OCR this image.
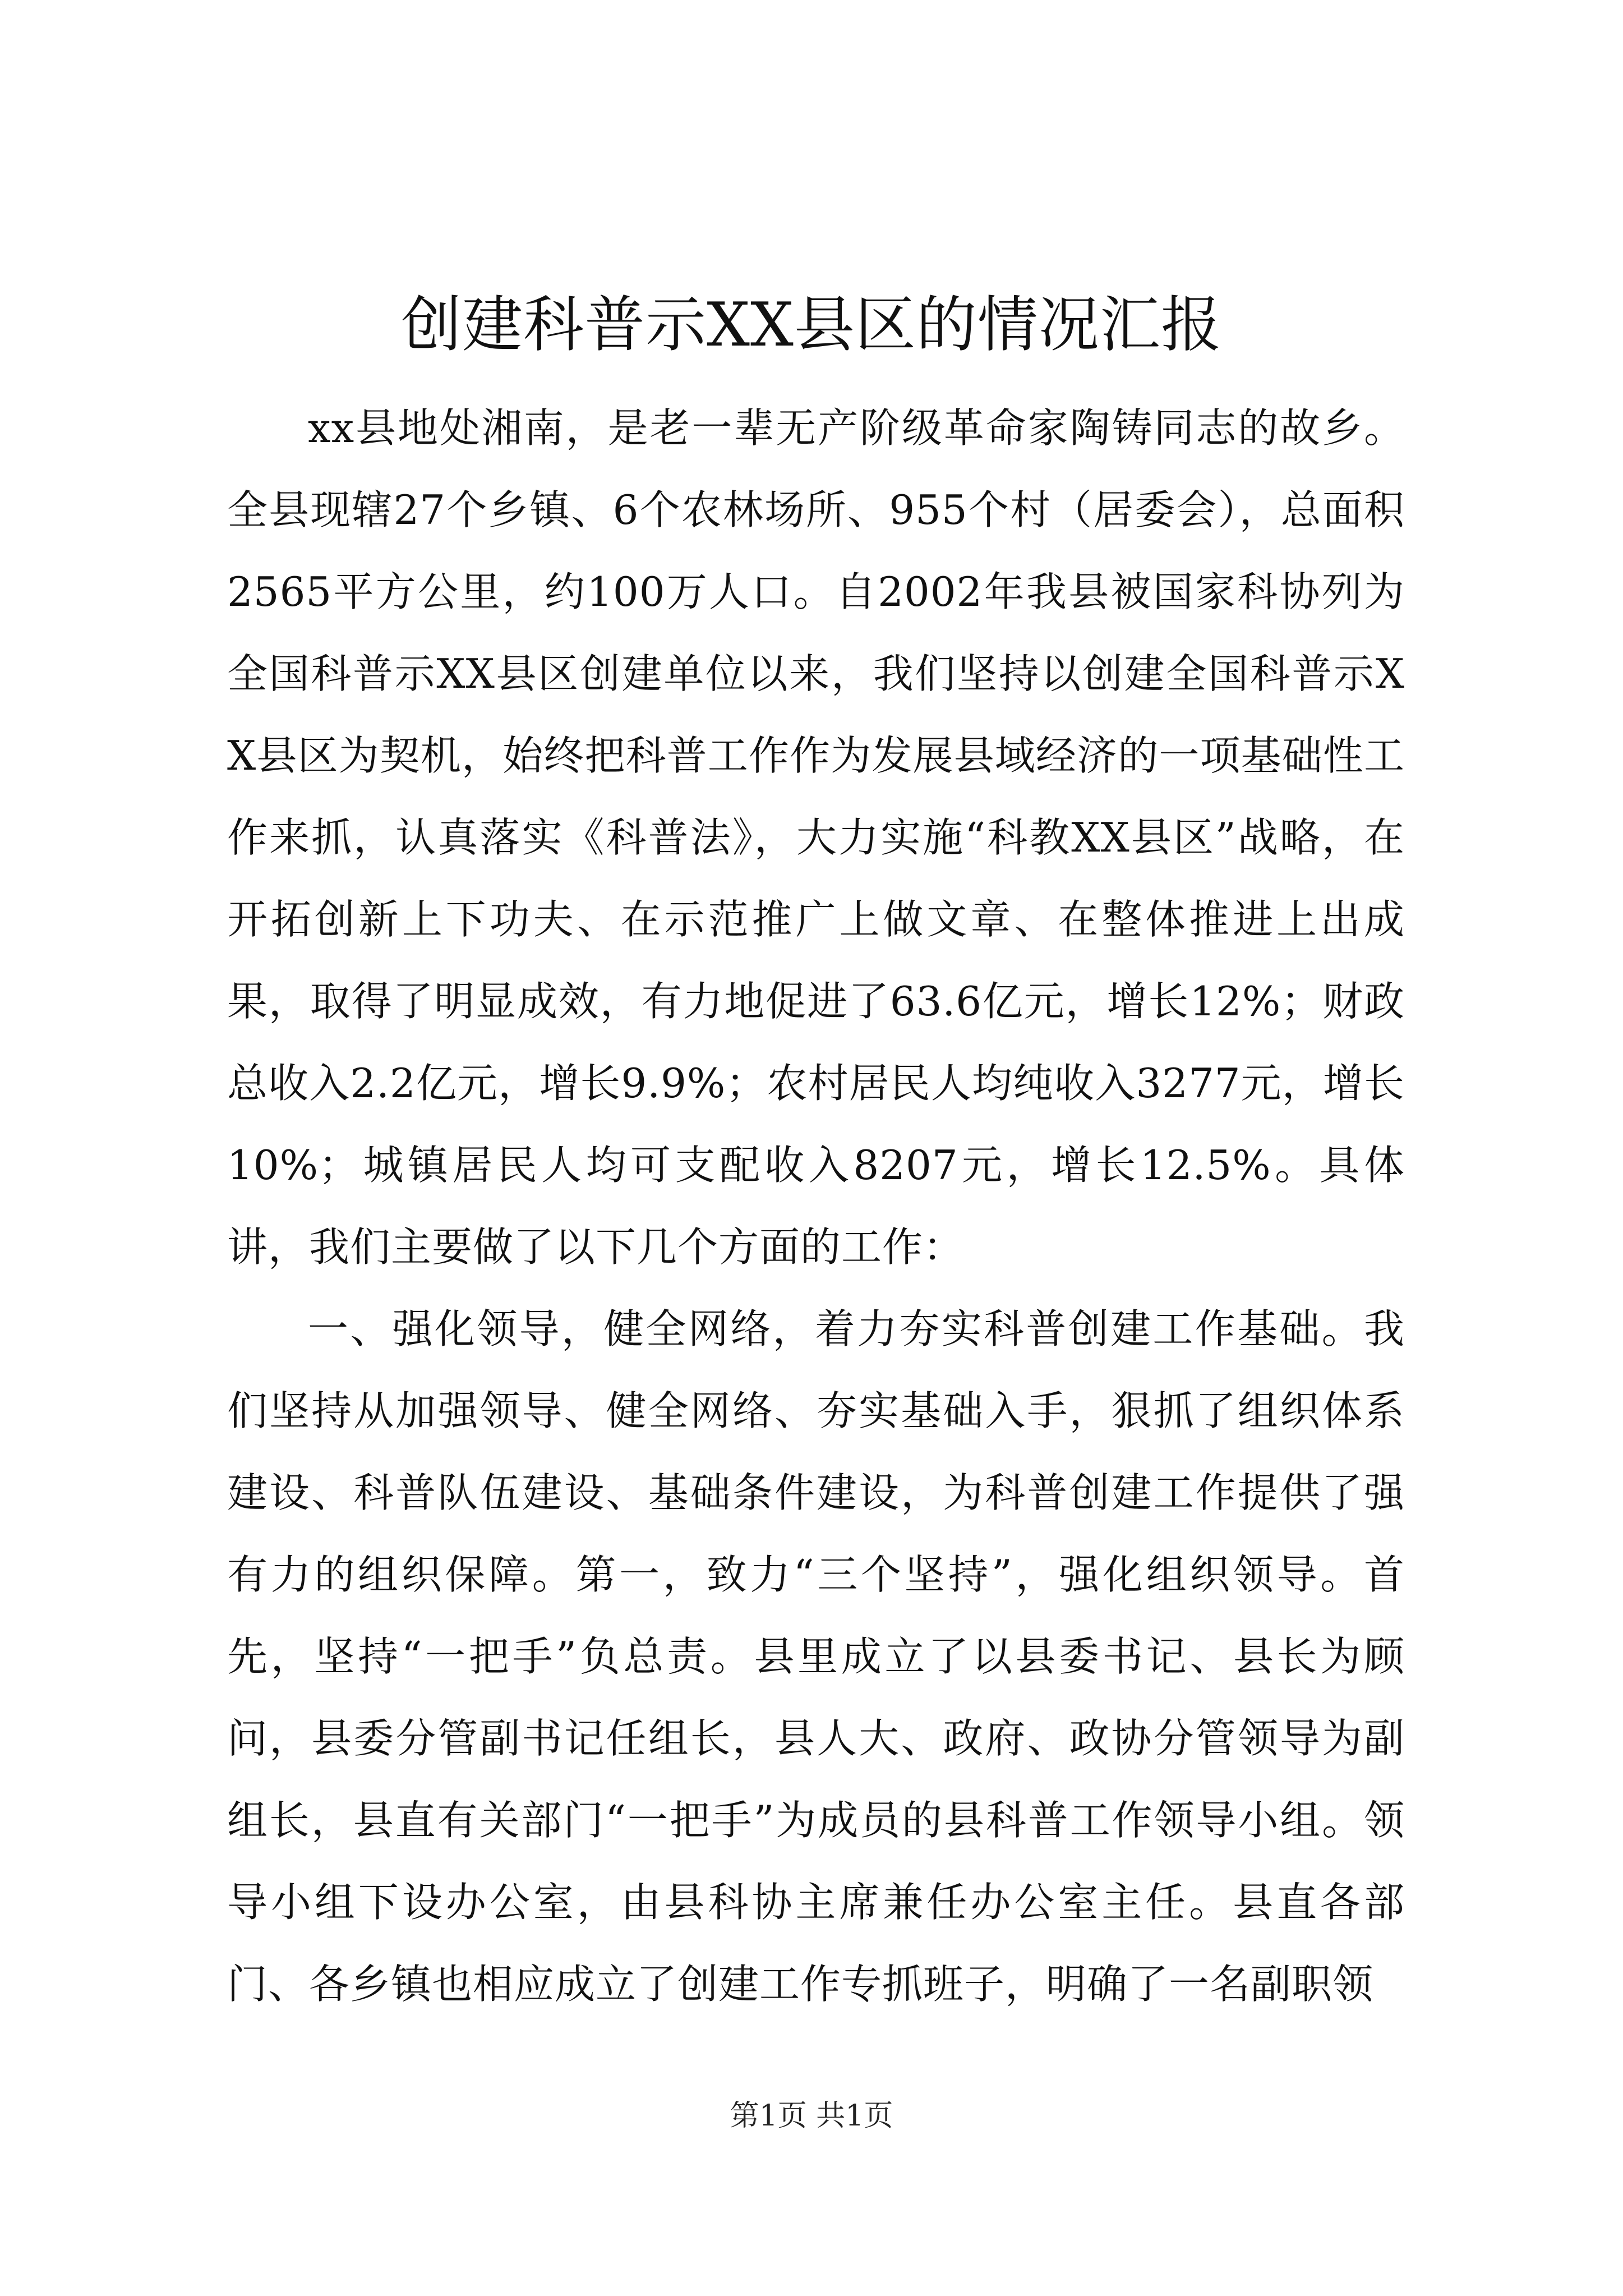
创建科普示XX县区的情况汇报

xx县地处湘南，是老一辈无产阶级革命家陶铸同志的故乡。全县现辖27个乡镇、6个农林场所、955个村（居委会），总面积2565平方公里，约100万人口。自2002年我县被国家科协列为全国科普示XX县区创建单位以来，我们坚持以创建全国科普示XX县区为契机，始终把科普工作作为发展县域经济的一项基础性工作来抓，认真落实《科普法》，大力实施“科教XX县区”战略，在开拓创新上下功夫、在示范推广上做文章、在整体推进上出成果，取得了明显成效，有力地促进了63.6亿元，增长12%；财政总收入2.2亿元，增长9.9%；农村居民人均纯收入3277元，增长10%；城镇居民人均可支配收入8207元，增长12.5%。具体讲，我们主要做了以下几个方面的工作：

一、强化领导，健全网络，着力夯实科普创建工作基础。我们坚持从加强领导、健全网络、夯实基础入手，狠抓了组织体系建设、科普队伍建设、基础条件建设，为科普创建工作提供了强有力的组织保障。第一，致力“三个坚持”，强化组织领导。首先，坚持“一把手”负总责。县里成立了以县委书记、县长为顾问，县委分管副书记任组长，县人大、政府、政协分管领导为副组长，县直有关部门“一把手”为成员的县科普工作领导小组。领导小组下设办公室，由县科协主席兼任办公室主任。县直各部门、各乡镇也相应成立了创建工作专抓班子，明确了一名副职领

第1页 共1页
